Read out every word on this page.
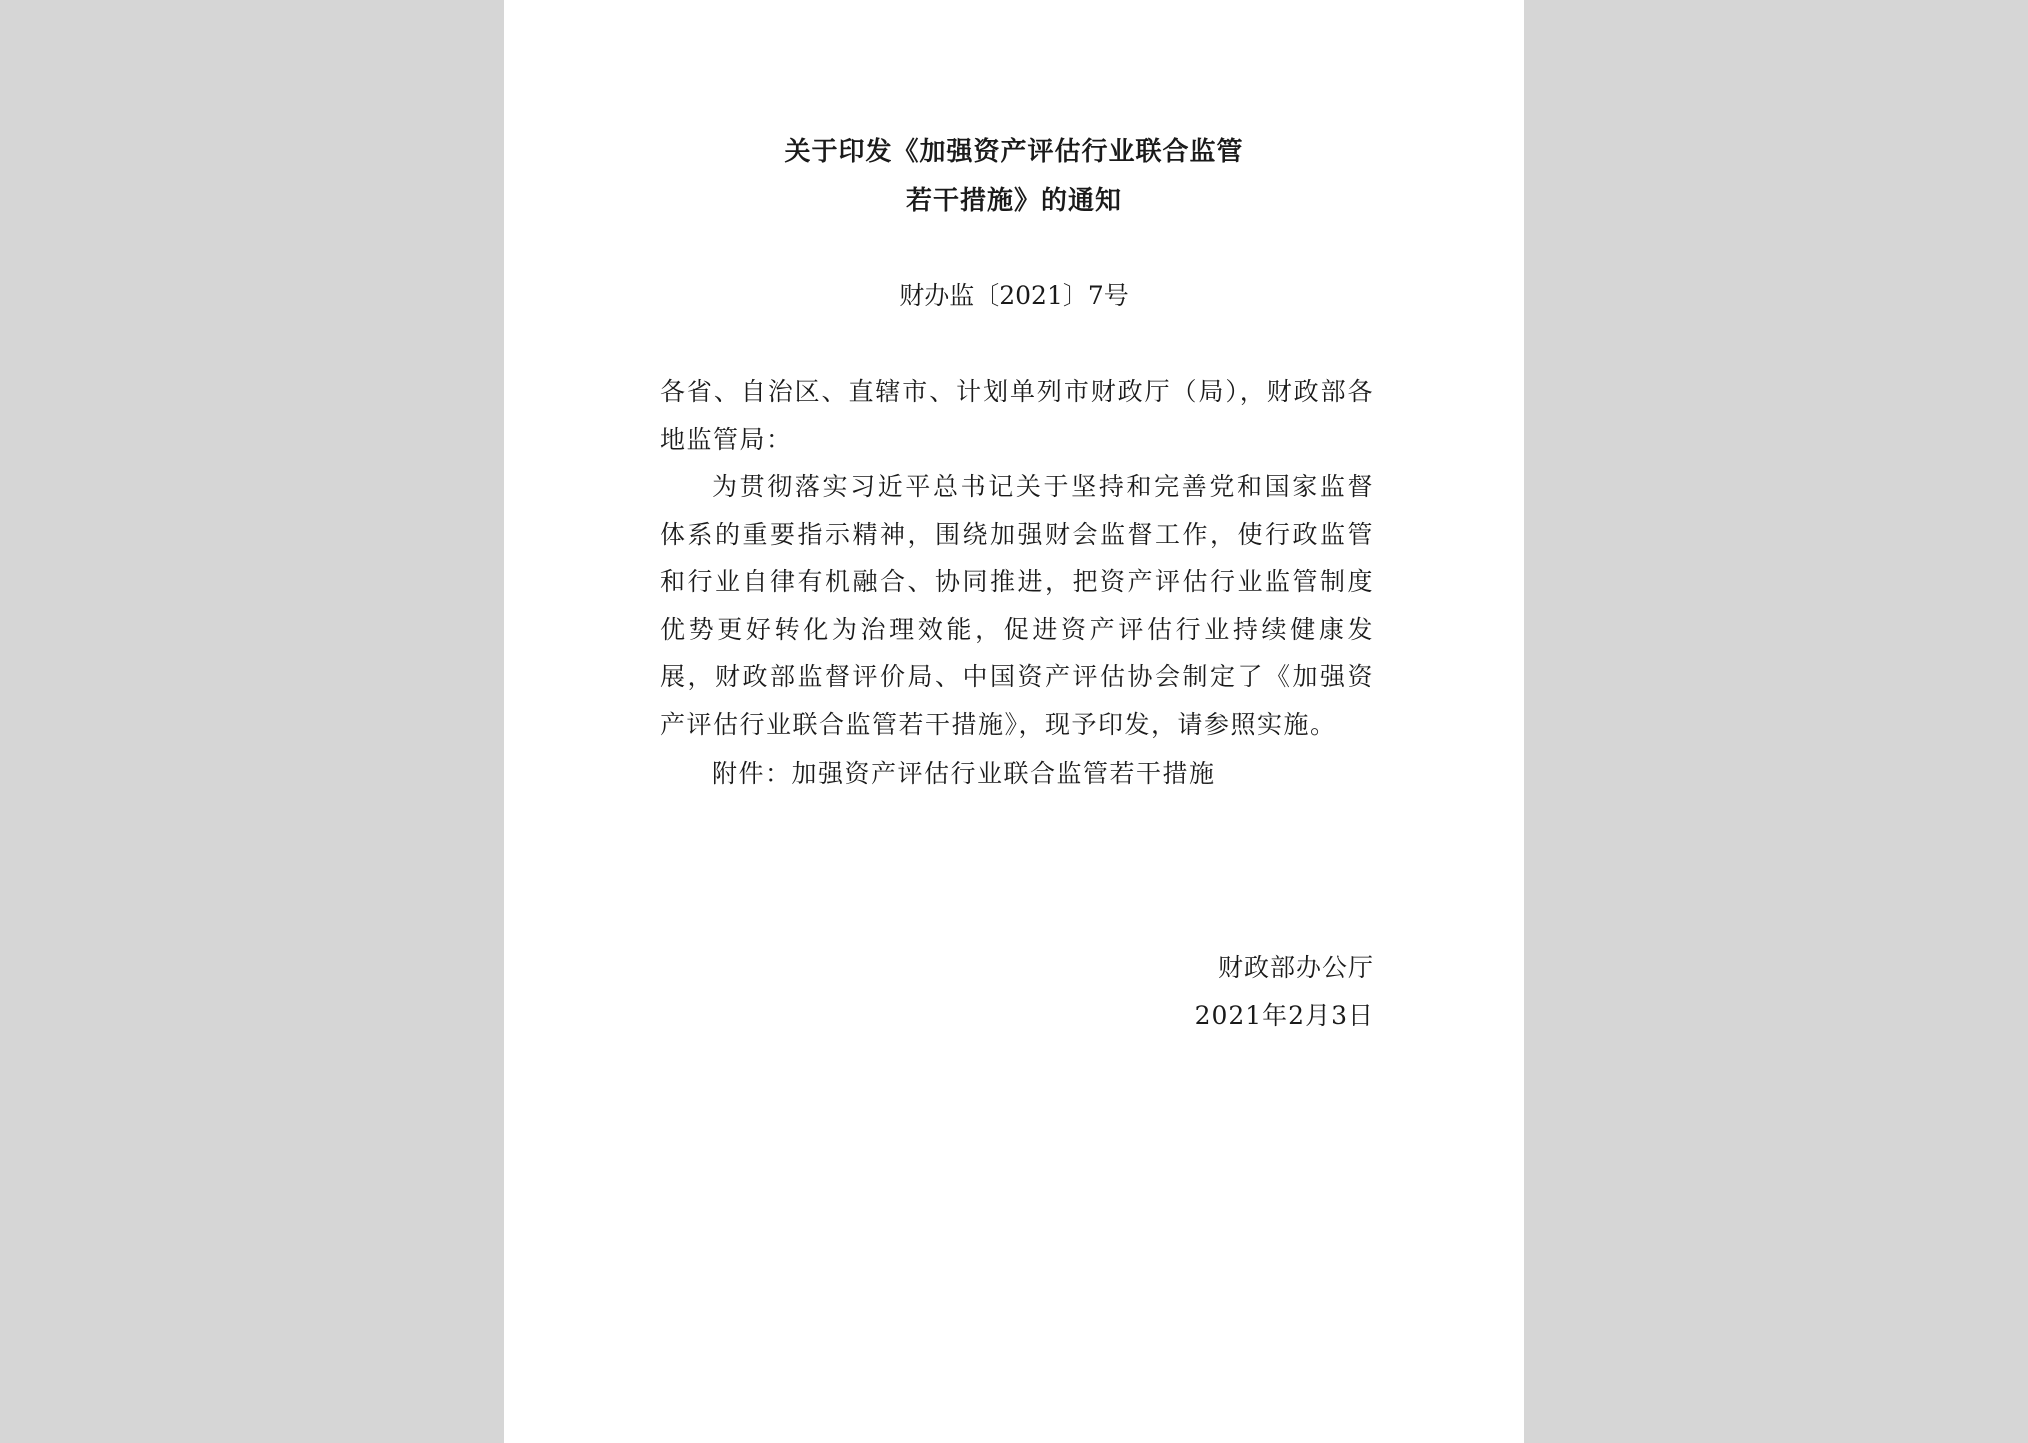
关于印发《加强资产评估行业联合监管
若干措施》的通知
财办监〔2021〕7号
各省、自治区、直辖市、计划单列市财政厅（局），财政部各地监管局：
为贯彻落实习近平总书记关于坚持和完善党和国家监督体系的重要指示精神，围绕加强财会监督工作，使行政监管和行业自律有机融合、协同推进，把资产评估行业监管制度优势更好转化为治理效能，促进资产评估行业持续健康发展，财政部监督评价局、中国资产评估协会制定了《加强资产评估行业联合监管若干措施》，现予印发，请参照实施。
附件：加强资产评估行业联合监管若干措施
财政部办公厅
2021年2月3日
